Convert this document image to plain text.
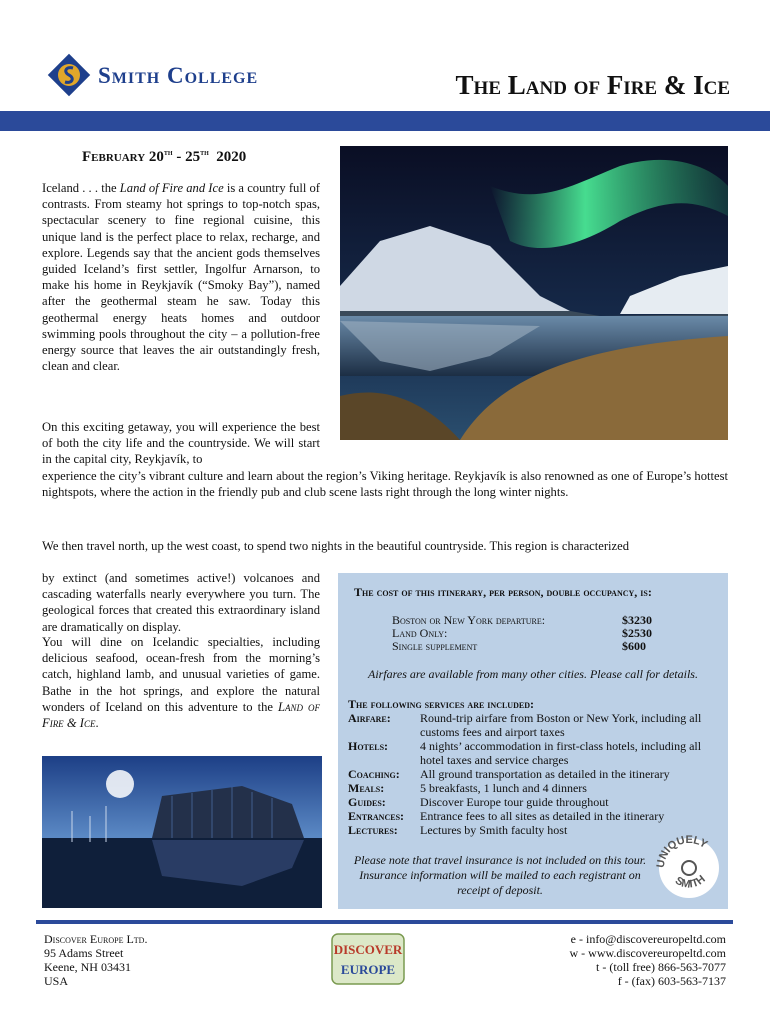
Smith College	The Land of Fire & Ice
February 20th - 25th 2020
Iceland . . . the Land of Fire and Ice is a country full of contrasts. From steamy hot springs to top-notch spas, spectacular scenery to fine regional cuisine, this unique land is the perfect place to relax, recharge, and explore. Legends say that the ancient gods themselves guided Iceland’s first settler, Ingolfur Arnarson, to make his home in Reykjavík (“Smoky Bay”), named after the geothermal steam he saw. Today this geothermal energy heats homes and outdoor swimming pools throughout the city – a pollution-free energy source that leaves the air outstandingly fresh, clean and clear.
On this exciting getaway, you will experience the best of both the city life and the countryside. We will start in the capital city, Reykjavík, to
experience the city’s vibrant culture and learn about the region’s Viking heritage. Reykjavík is also renowned as one of Europe’s hottest nightspots, where the action in the friendly pub and club scene lasts right through the long winter nights.
We then travel north, up the west coast, to spend two nights in the beautiful countryside. This region is characterized
by extinct (and sometimes active!) volcanoes and cascading waterfalls nearly everywhere you turn. The geological forces that created this extraordinary island are dramatically on display.
You will dine on Icelandic specialties, including delicious seafood, ocean-fresh from the morning’s catch, highland lamb, and unusual varieties of game. Bathe in the hot springs, and explore the natural wonders of Iceland on this adventure to the Land of Fire & Ice.
The cost of this itinerary, per person, double occupancy, is:
Boston or New York departure:	$3230
Land Only:	$2530
Single supplement	$600
Airfares are available from many other cities. Please call for details.
The following services are included:
Airfare: Round-trip airfare from Boston or New York, including all customs fees and airport taxes
Hotels:	4 nights’ accommodation in first-class hotels, including all hotel taxes and service charges
Coaching: All ground transportation as detailed in the itinerary
Meals:	5 breakfasts, 1 lunch and 4 dinners
Guides:	Discover Europe tour guide throughout
Entrances: Entrance fees to all sites as detailed in the itinerary
Lectures: Lectures by Smith faculty host
Please note that travel insurance is not included on this tour. Insurance information will be mailed to each registrant on receipt of deposit.
UNIQUELY
SMITH
Discover Europe Ltd.
95 Adams Street
Keene, NH 03431
USA
DISCOVER
EUROPE
e - info@discovereuropeltd.com
w - www.discovereuropeltd.com
t - (toll free) 866-563-7077
f - (fax) 603-563-7137
